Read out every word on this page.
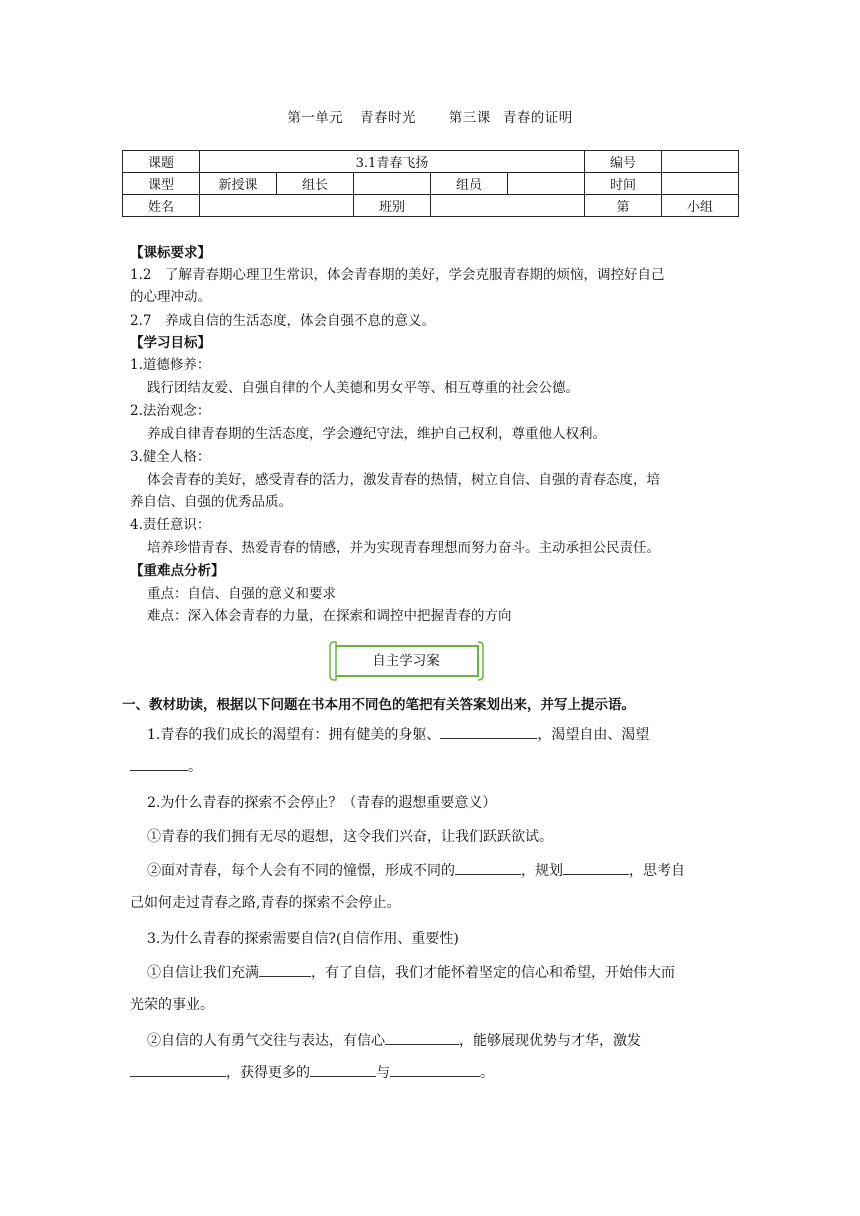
第一单元 青春时光 第三课 青春的证明
课题	3.1青春飞扬					编号	
课型	新授课	组长		组员		时间	
姓名			班别			第	小组
【课标要求】
1.2　了解青春期心理卫生常识，体会青春期的美好，学会克服青春期的烦恼，调控好自己
的心理冲动。
2.7　养成自信的生活态度，体会自强不息的意义。
【学习目标】
1.道德修养：
践行团结友爱、自强自律的个人美德和男女平等、相互尊重的社会公德。
2.法治观念：
养成自律青春期的生活态度，学会遵纪守法，维护自己权利，尊重他人权利。
3.健全人格：
体会青春的美好，感受青春的活力，激发青春的热情，树立自信、自强的青春态度，培
养自信、自强的优秀品质。
4.责任意识：
培养珍惜青春、热爱青春的情感，并为实现青春理想而努力奋斗。主动承担公民责任。
【重难点分析】
重点：自信、自强的意义和要求
难点：深入体会青春的力量，在探索和调控中把握青春的方向
自主学习案
一、教材助读，根据以下问题在书本用不同色的笔把有关答案划出来，并写上提示语。
1.青春的我们成长的渴望有：拥有健美的身躯、	，渴望自由、渴望
。
2.为什么青春的探索不会停止？（青春的遐想重要意义）
①青春的我们拥有无尽的遐想，这令我们兴奋，让我们跃跃欲试。
②面对青春，每个人会有不同的憧憬，形成不同的	，规划	，思考自
己如何走过青春之路,青春的探索不会停止。
3.为什么青春的探索需要自信?(自信作用、重要性)
①自信让我们充满	，有了自信，我们才能怀着坚定的信心和希望，开始伟大而
光荣的事业。
②自信的人有勇气交往与表达，有信心	，能够展现优势与才华，激发
，获得更多的	与	。
